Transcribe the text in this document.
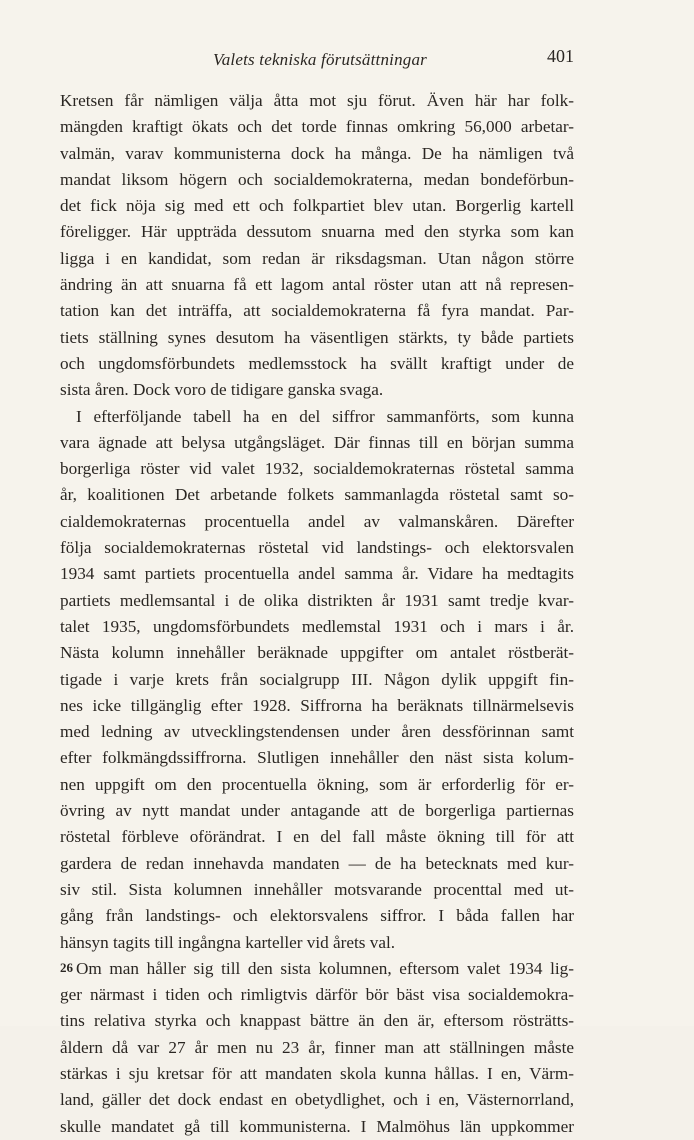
Valets tekniska förutsättningar	401
Kretsen får nämligen välja åtta mot sju förut. Även här har folk-
mängden kraftigt ökats och det torde finnas omkring 56,000 arbetar-
valmän, varav kommunisterna dock ha många. De ha nämligen två
mandat liksom högern och socialdemokraterna, medan bondeförbun-
det fick nöja sig med ett och folkpartiet blev utan. Borgerlig kartell
föreligger. Här uppträda dessutom snuarna med den styrka som kan
ligga i en kandidat, som redan är riksdagsman. Utan någon större
ändring än att snuarna få ett lagom antal röster utan att nå represen-
tation kan det inträffa, att socialdemokraterna få fyra mandat. Par-
tiets ställning synes desutom ha väsentligen stärkts, ty både partiets
och ungdomsförbundets medlemsstock ha svällt kraftigt under de
sista åren. Dock voro de tidigare ganska svaga.
I efterföljande tabell ha en del siffror sammanförts, som kunna
vara ägnade att belysa utgångsläget. Där finnas till en början summa
borgerliga röster vid valet 1932, socialdemokraternas röstetal samma
år, koalitionen Det arbetande folkets sammanlagda röstetal samt so-
cialdemokraternas procentuella andel av valmanskåren. Därefter
följa socialdemokraternas röstetal vid landstings- och elektorsvalen
1934 samt partiets procentuella andel samma år. Vidare ha medtagits
partiets medlemsantal i de olika distrikten år 1931 samt tredje kvar-
talet 1935, ungdomsförbundets medlemstal 1931 och i mars i år.
Nästa kolumn innehåller beräknade uppgifter om antalet röstberät-
tigade i varje krets från socialgrupp III. Någon dylik uppgift fin-
nes icke tillgänglig efter 1928. Siffrorna ha beräknats tillnärmelsevis
med ledning av utvecklingstendensen under åren dessförinnan samt
efter folkmängdssiffrorna. Slutligen innehåller den näst sista kolum-
nen uppgift om den procentuella ökning, som är erforderlig för er-
övring av nytt mandat under antagande att de borgerliga partiernas
röstetal förbleve oförändrat. I en del fall måste ökning till för att
gardera de redan innehavda mandaten — de ha betecknats med kur-
siv stil. Sista kolumnen innehåller motsvarande procenttal med ut-
gång från landstings- och elektorsvalens siffror. I båda fallen har
hänsyn tagits till ingångna karteller vid årets val.
Om man håller sig till den sista kolumnen, eftersom valet 1934 lig-
ger närmast i tiden och rimligtvis därför bör bäst visa socialdemokra-
tins relativa styrka och knappast bättre än den är, eftersom rösträtts-
åldern då var 27 år men nu 23 år, finner man att ställningen måste
stärkas i sju kretsar för att mandaten skola kunna hållas. I en, Värm-
land, gäller det dock endast en obetydlighet, och i en, Västernorrland,
skulle mandatet gå till kommunisterna. I Malmöhus län uppkommer
26
